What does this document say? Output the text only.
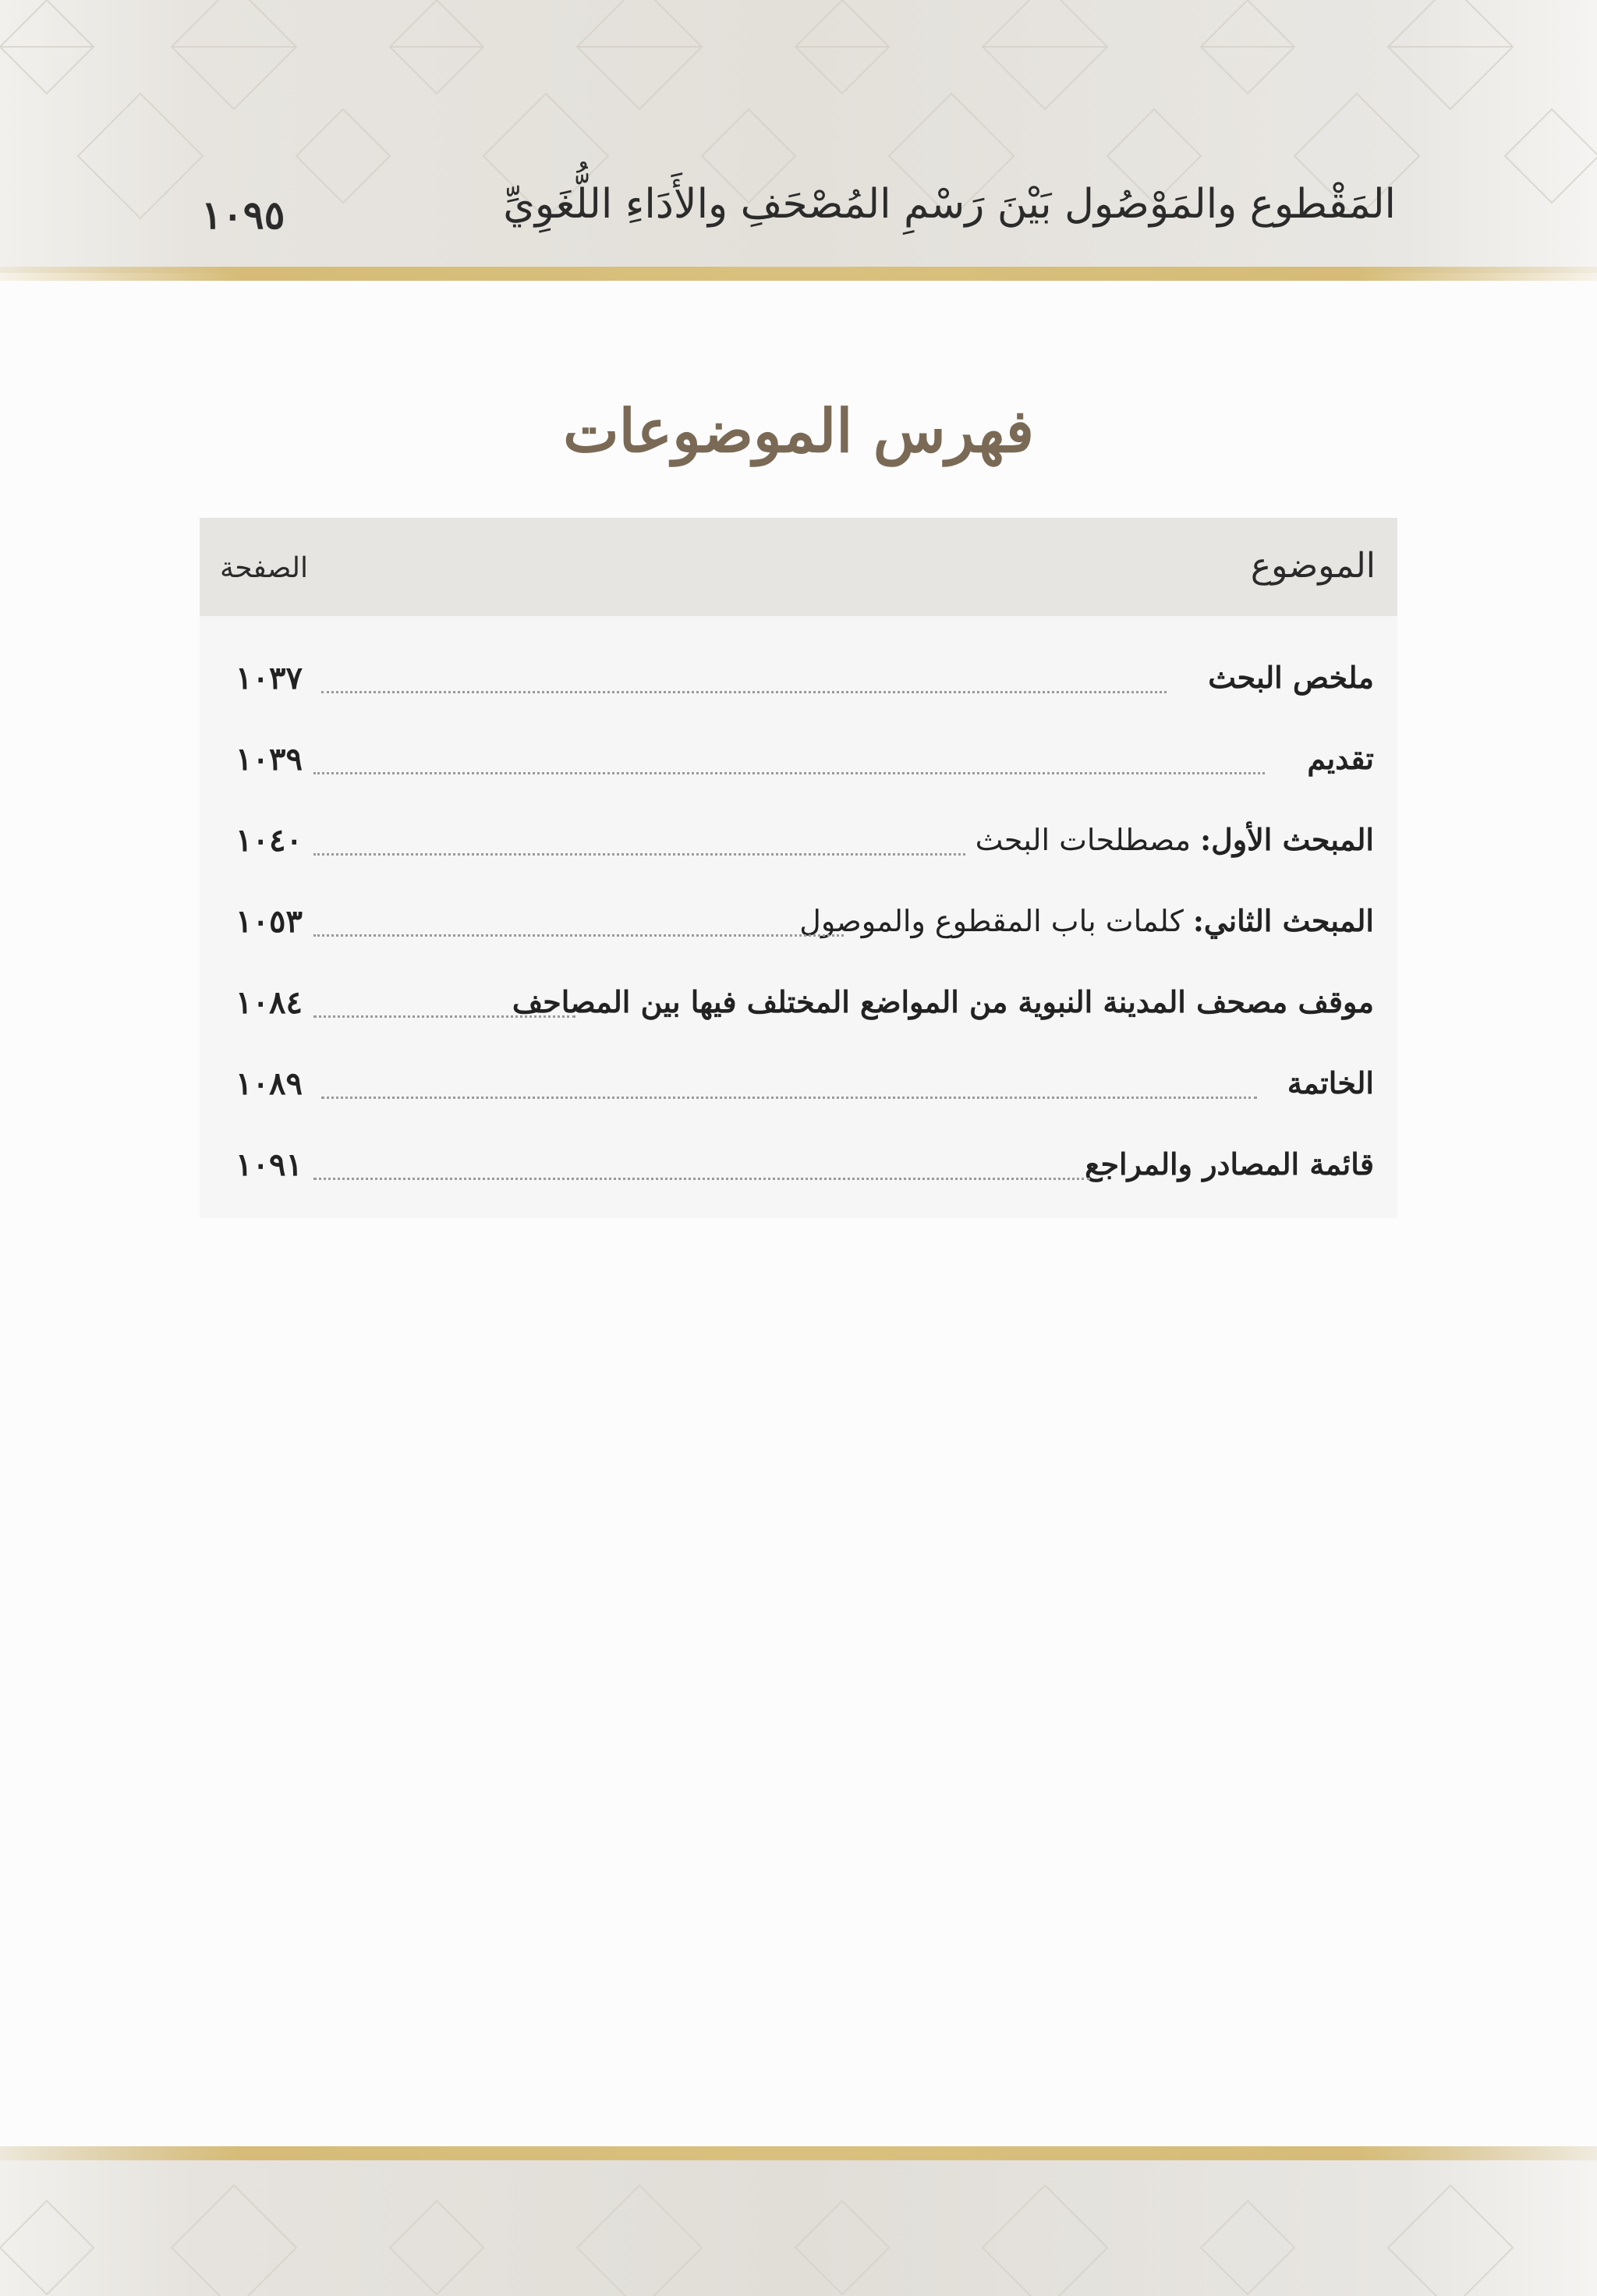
المَقْطوع والمَوْصُول بَيْنَ رَسْمِ المُصْحَفِ والأَدَاءِ اللُّغَوِيِّ
١٠٩٥
فهرس الموضوعات
الموضوع
الصفحة
ملخص البحث
١٠٣٧
تقديم
١٠٣٩
المبحث الأول: مصطلحات البحث
١٠٤٠
المبحث الثاني: كلمات باب المقطوع والموصول
١٠٥٣
موقف مصحف المدينة النبوية من المواضع المختلف فيها بين المصاحف
١٠٨٤
الخاتمة
١٠٨٩
قائمة المصادر والمراجع
١٠٩١
